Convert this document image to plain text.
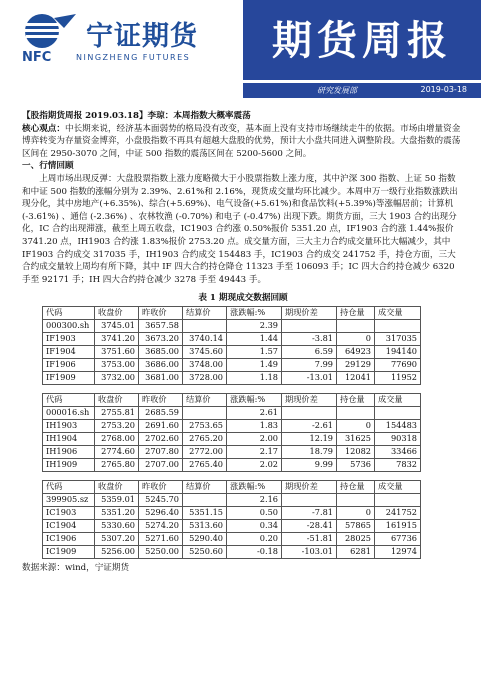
宁证期货
NFC	NINGZHENG FUTURES	期货周报
研究发展部	2019-03-18

【股指期货周报 2019.03.18】李琼：本周指数大概率震荡

核心观点：中长期来说，经济基本面弱势的格局没有改变，基本面上没有支持市场继续走牛的依据。市场由增量资金博弈转变为存量资金博弈，小盘股指数不再具有超越大盘股的优势，预计大小盘共同进入调整阶段。大盘指数的震荡区间在 2950-3070 之间，中证 500 指数的震荡区间在 5200-5600 之间。

一、行情回顾

上周市场出现反弹：大盘股票指数上涨力度略微大于小股票指数上涨力度，其中沪深 300 指数、上证 50 指数和中证 500 指数的涨幅分别为 2.39%、2.61%和 2.16%，现货成交量均环比减少。本周申万一级行业指数涨跌出现分化，其中房地产(+6.35%)、综合(+5.69%)、电气设备(+5.61%)和食品饮料(+5.39%)等涨幅居前；计算机 (-3.61%) 、通信 (-2.36%) 、农林牧渔 (-0.70%) 和电子 (-0.47%) 出现下跌。期货方面，三大 1903 合约出现分化，IC 合约出现滞涨，截至上周五收盘，IC1903 合约涨 0.50%报价 5351.20 点，IF1903 合约涨 1.44%报价 3741.20 点，IH1903 合约涨 1.83%报价 2753.20 点。成交量方面，三大主力合约成交量环比大幅减少，其中 IF1903 合约成交 317035 手，IH1903 合约成交 154483 手，IC1903 合约成交 241752 手，持仓方面，三大合约成交量较上周均有所下降，其中 IF 四大合约持仓降仓 11323 手至 106093 手；IC 四大合约持仓减少 6320 手至 92171 手；IH 四大合约持仓减少 3278 手至 49443 手。

表 1 期现成交数据回顾
代码	收盘价	昨收价	结算价	涨跌幅:%	期现价差	持仓量	成交量
000300.sh	3745.01	3657.58		2.39			
IF1903	3741.20	3673.20	3740.14	1.44	-3.81	0	317035
IF1904	3751.60	3685.00	3745.60	1.57	6.59	64923	194140
IF1906	3753.00	3686.00	3748.00	1.49	7.99	29129	77690
IF1909	3732.00	3681.00	3728.00	1.18	-13.01	12041	11952

代码	收盘价	昨收价	结算价	涨跌幅:%	期现价差	持仓量	成交量
000016.sh	2755.81	2685.59		2.61			
IH1903	2753.20	2691.60	2753.65	1.83	-2.61	0	154483
IH1904	2768.00	2702.60	2765.20	2.00	12.19	31625	90318
IH1906	2774.60	2707.80	2772.00	2.17	18.79	12082	33466
IH1909	2765.80	2707.00	2765.40	2.02	9.99	5736	7832

代码	收盘价	昨收价	结算价	涨跌幅:%	期现价差	持仓量	成交量
399905.sz	5359.01	5245.70		2.16			
IC1903	5351.20	5296.40	5351.15	0.50	-7.81	0	241752
IC1904	5330.60	5274.20	5313.60	0.34	-28.41	57865	161915
IC1906	5307.20	5271.60	5290.40	0.20	-51.81	28025	67736
IC1909	5256.00	5250.00	5250.60	-0.18	-103.01	6281	12974
数据来源：wind，宁证期货
